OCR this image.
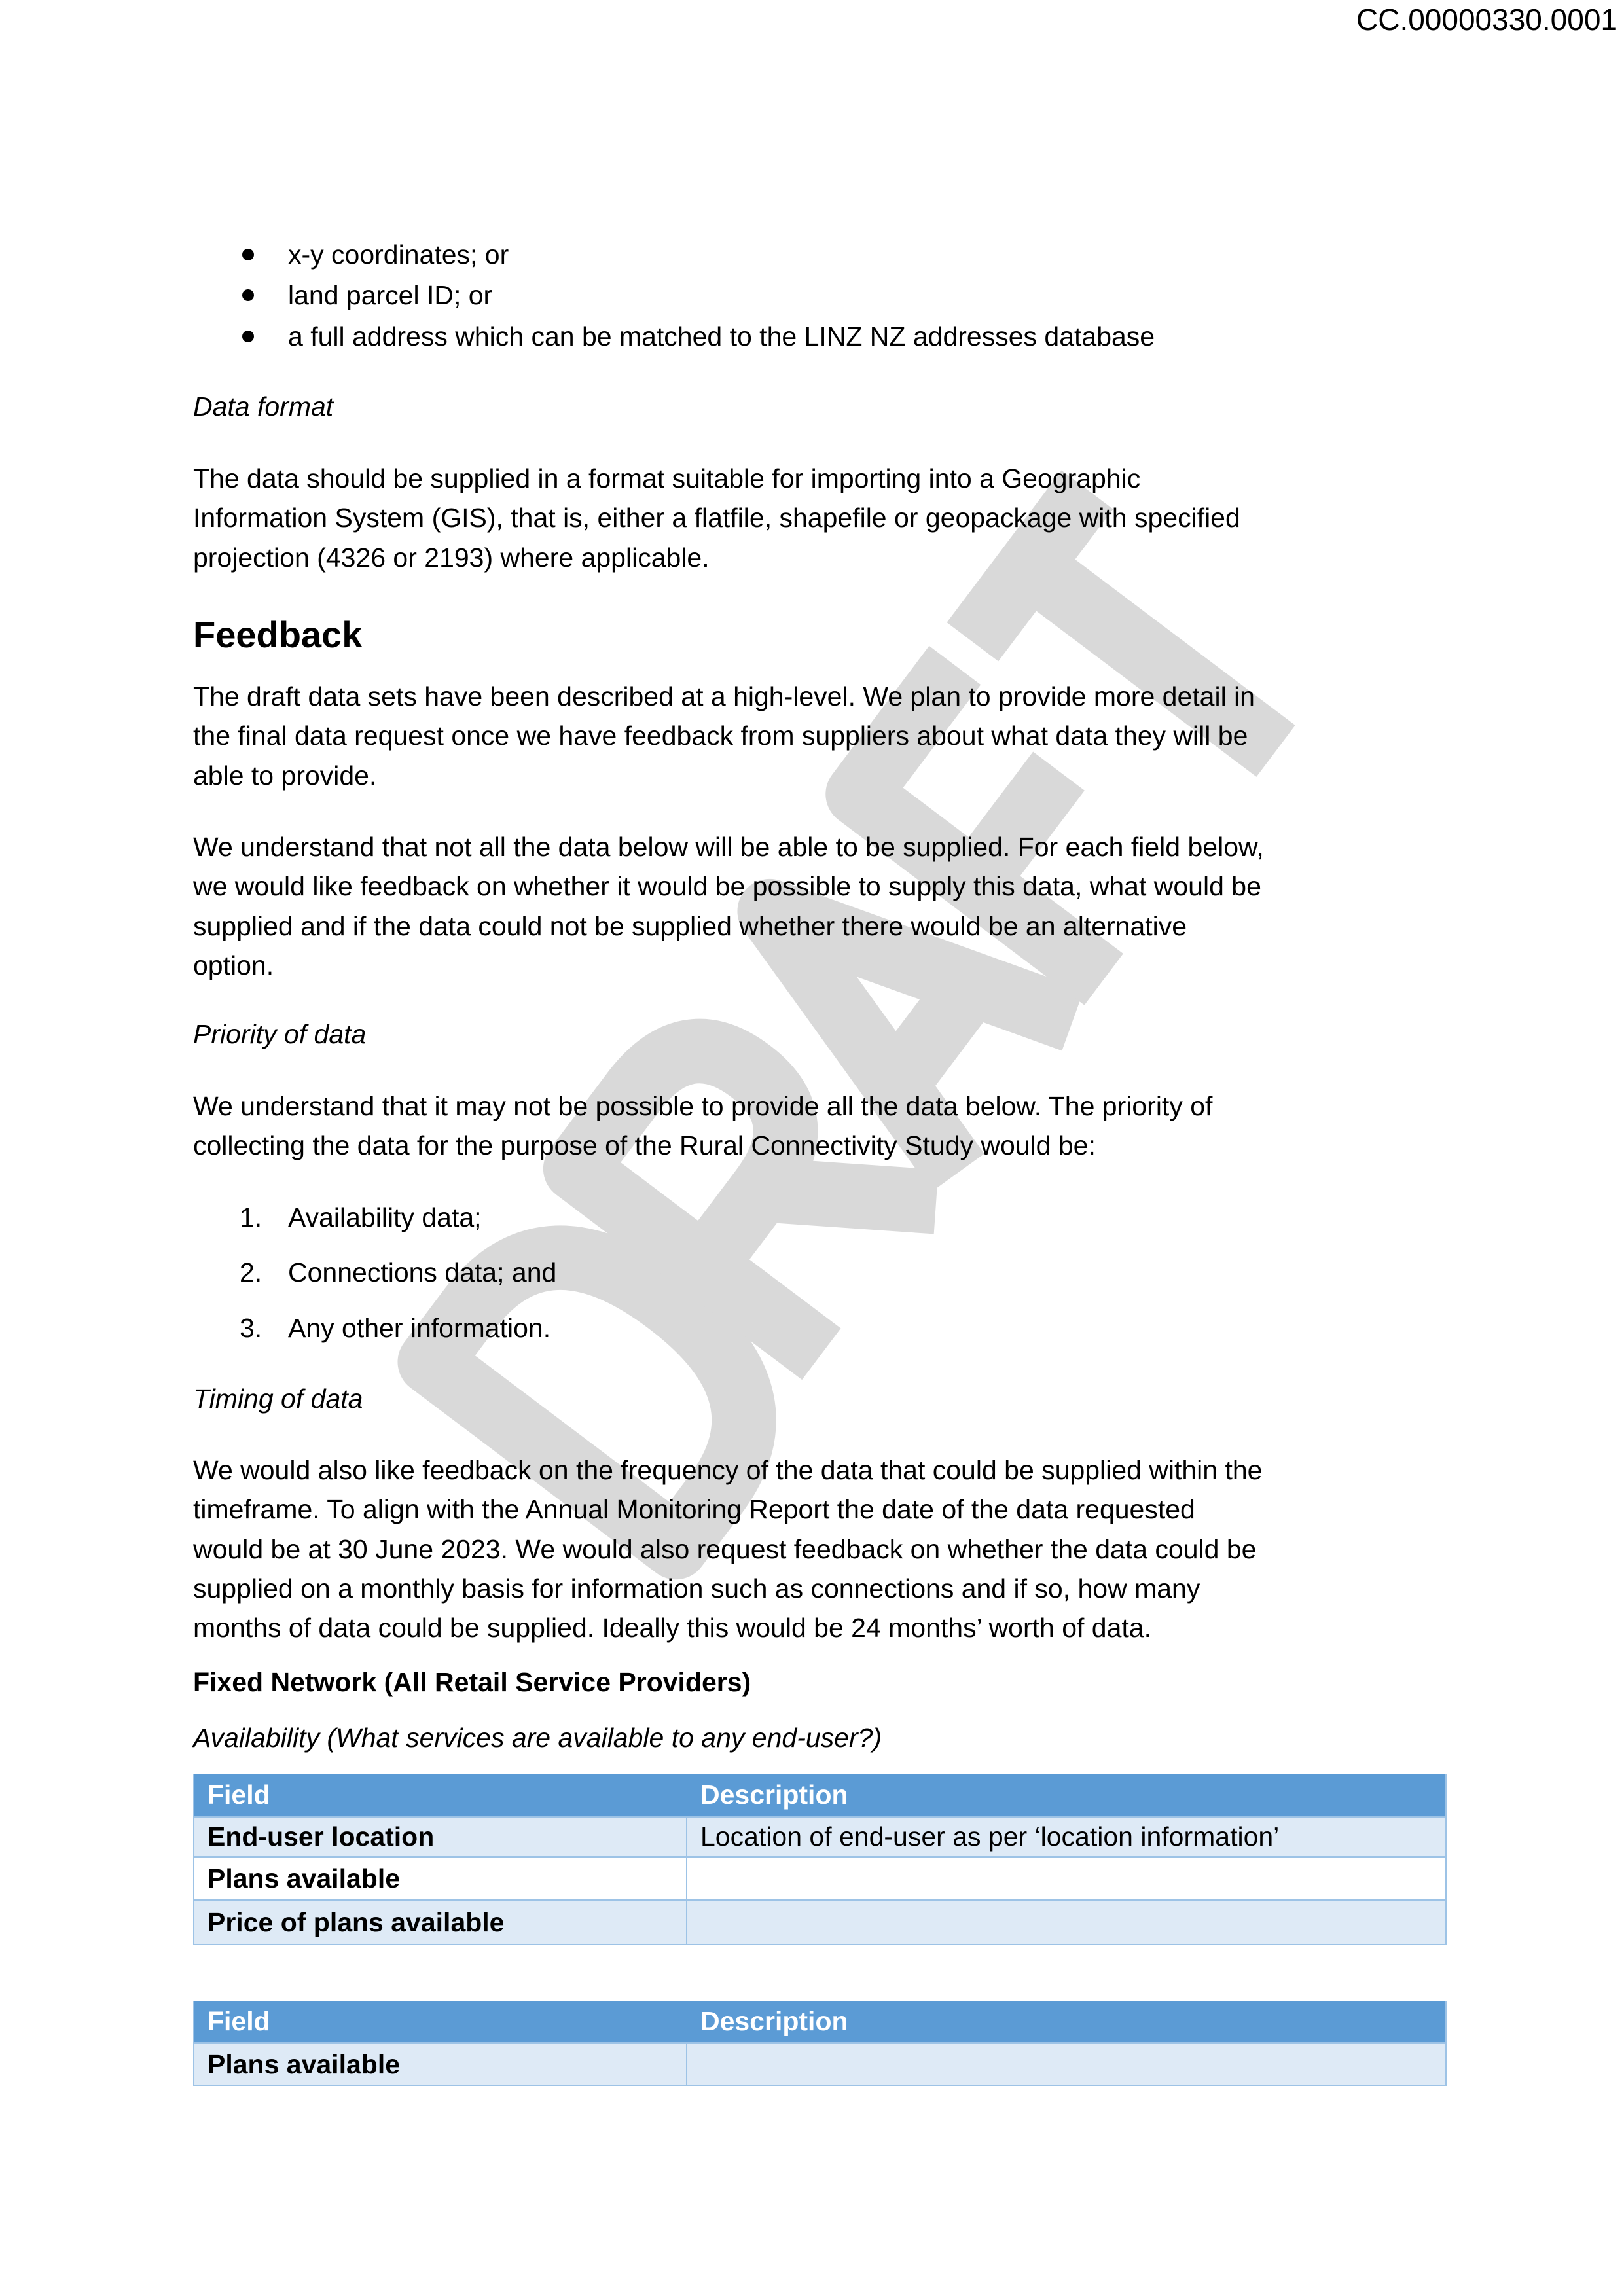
CC.00000330.0001
x-y coordinates; or
land parcel ID; or
a full address which can be matched to the LINZ NZ addresses database
Data format
The data should be supplied in a format suitable for importing into a Geographic
Information System (GIS), that is, either a flatfile, shapefile or geopackage with specified
projection (4326 or 2193) where applicable.
Feedback
The draft data sets have been described at a high-level. We plan to provide more detail in
the final data request once we have feedback from suppliers about what data they will be
able to provide.
We understand that not all the data below will be able to be supplied. For each field below,
we would like feedback on whether it would be possible to supply this data, what would be
supplied and if the data could not be supplied whether there would be an alternative
option.
Priority of data
We understand that it may not be possible to provide all the data below. The priority of
collecting the data for the purpose of the Rural Connectivity Study would be:
1. Availability data;
2. Connections data; and
3. Any other information.
Timing of data
We would also like feedback on the frequency of the data that could be supplied within the
timeframe. To align with the Annual Monitoring Report the date of the data requested
would be at 30 June 2023. We would also request feedback on whether the data could be
supplied on a monthly basis for information such as connections and if so, how many
months of data could be supplied. Ideally this would be 24 months’ worth of data.
Fixed Network (All Retail Service Providers)
Availability (What services are available to any end-user?)
Field	Description
End-user location	Location of end-user as per ‘location information’
Plans available
Price of plans available
Field	Description
Plans available
